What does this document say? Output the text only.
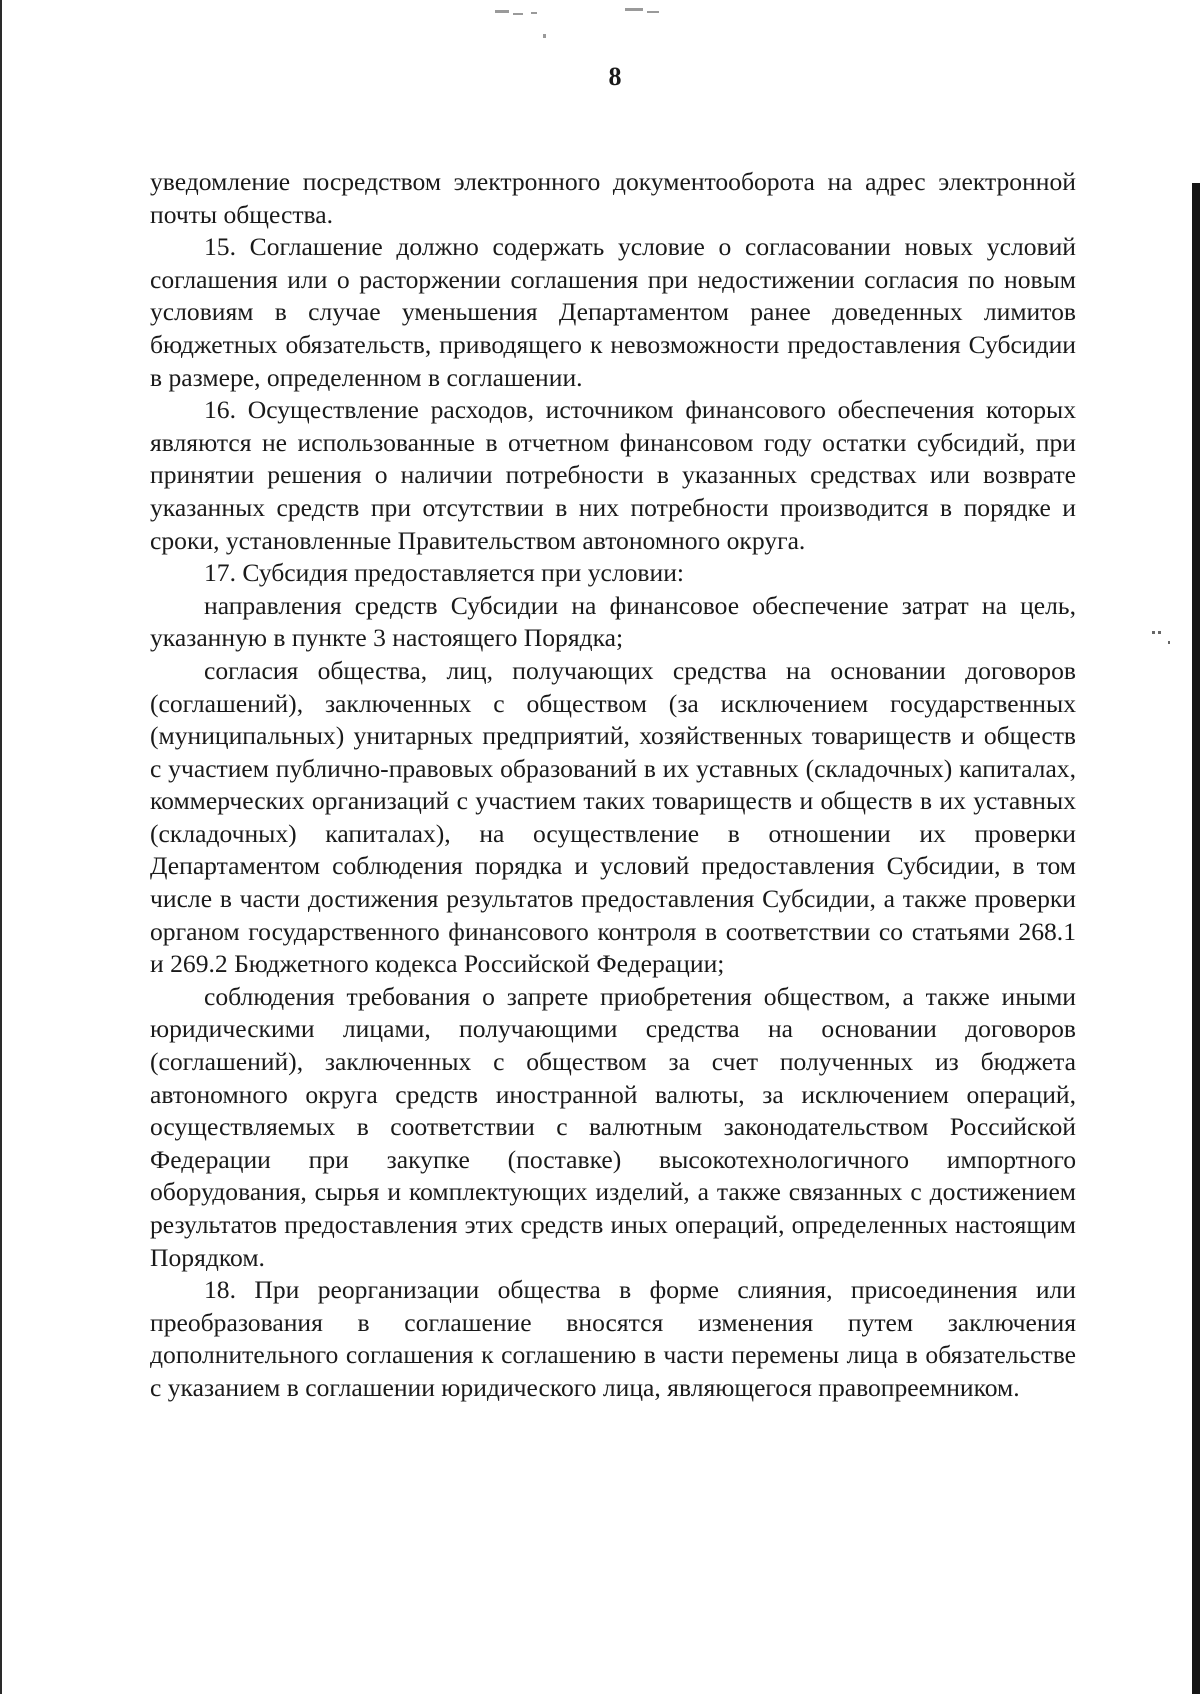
8

уведомление посредством электронного документооборота на адрес электронной почты общества.

15. Соглашение должно содержать условие о согласовании новых условий соглашения или о расторжении соглашения при недостижении согласия по новым условиям в случае уменьшения Департаментом ранее доведенных лимитов бюджетных обязательств, приводящего к невозможности предоставления Субсидии в размере, определенном в соглашении.

16. Осуществление расходов, источником финансового обеспечения которых являются не использованные в отчетном финансовом году остатки субсидий, при принятии решения о наличии потребности в указанных средствах или возврате указанных средств при отсутствии в них потребности производится в порядке и сроки, установленные Правительством автономного округа.

17. Субсидия предоставляется при условии:

направления средств Субсидии на финансовое обеспечение затрат на цель, указанную в пункте 3 настоящего Порядка;

согласия общества, лиц, получающих средства на основании договоров (соглашений), заключенных с обществом (за исключением государственных (муниципальных) унитарных предприятий, хозяйственных товариществ и обществ с участием публично-правовых образований в их уставных (складочных) капиталах, коммерческих организаций с участием таких товариществ и обществ в их уставных (складочных) капиталах), на осуществление в отношении их проверки Департаментом соблюдения порядка и условий предоставления Субсидии, в том числе в части достижения результатов предоставления Субсидии, а также проверки органом государственного финансового контроля в соответствии со статьями 268.1 и 269.2 Бюджетного кодекса Российской Федерации;

соблюдения требования о запрете приобретения обществом, а также иными юридическими лицами, получающими средства на основании договоров (соглашений), заключенных с обществом за счет полученных из бюджета автономного округа средств иностранной валюты, за исключением операций, осуществляемых в соответствии с валютным законодательством Российской Федерации при закупке (поставке) высокотехнологичного импортного оборудования, сырья и комплектующих изделий, а также связанных с достижением результатов предоставления этих средств иных операций, определенных настоящим Порядком.

18. При реорганизации общества в форме слияния, присоединения или преобразования в соглашение вносятся изменения путем заключения дополнительного соглашения к соглашению в части перемены лица в обязательстве с указанием в соглашении юридического лица, являющегося правопреемником.
